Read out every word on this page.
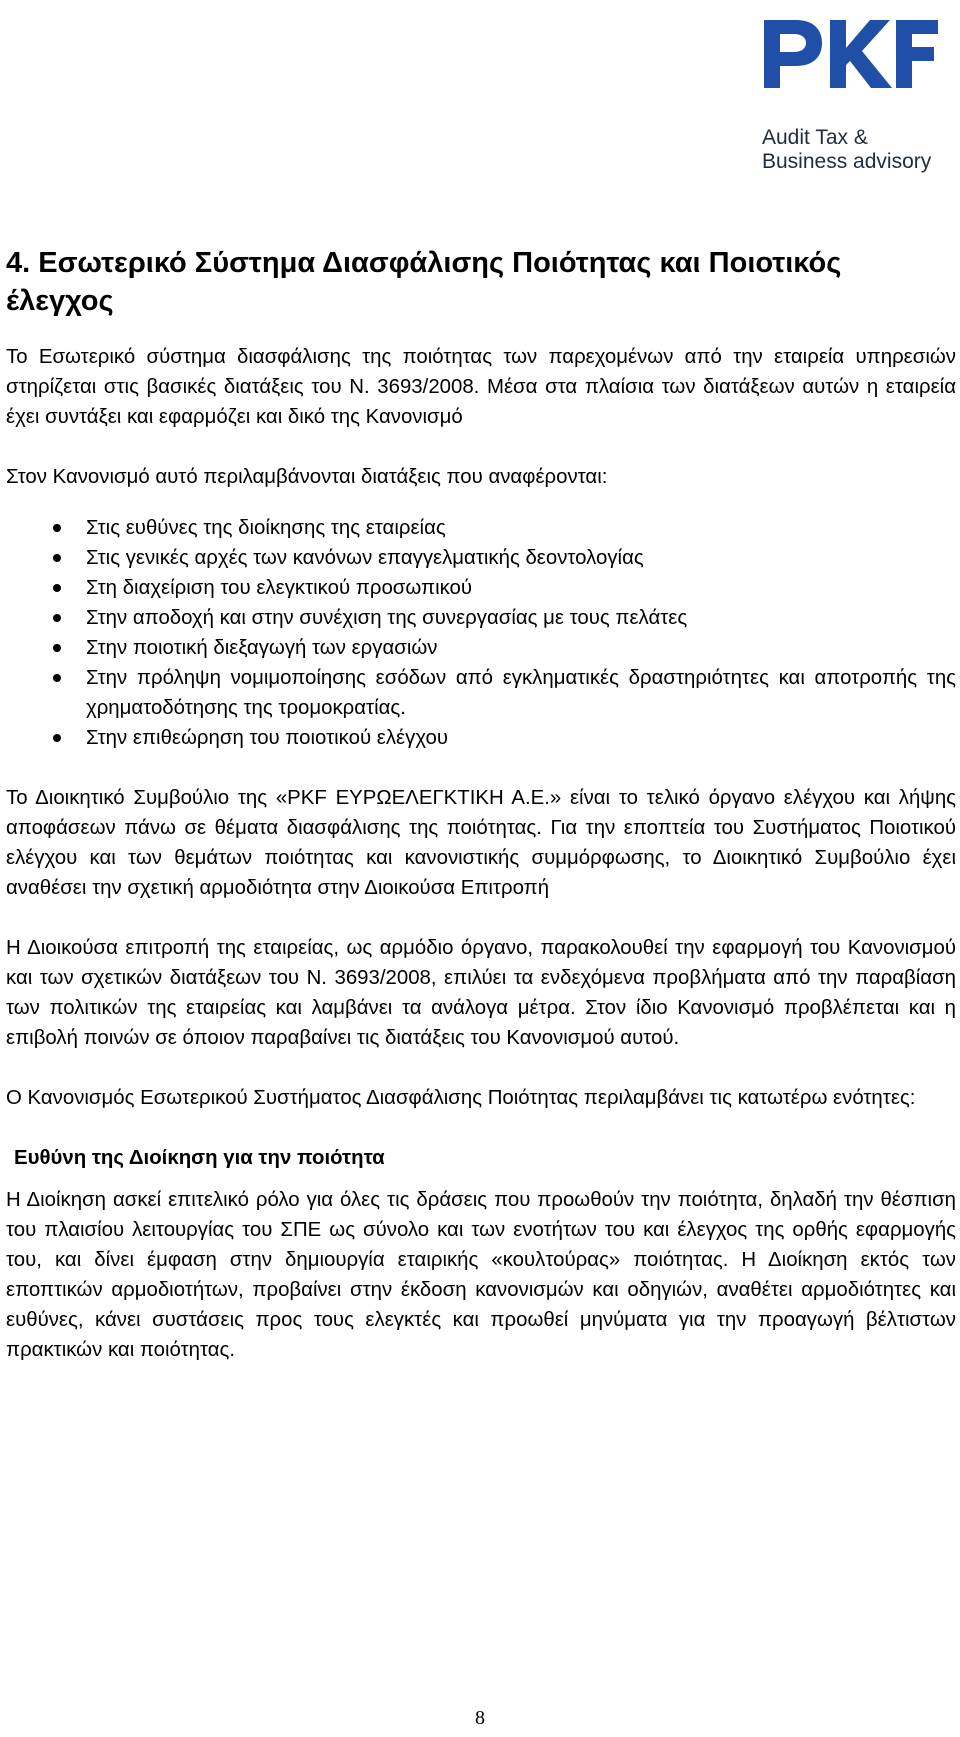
Audit Tax &
Business advisory
4. Εσωτερικό Σύστημα Διασφάλισης Ποιότητας και Ποιοτικός έλεγχος

Το Εσωτερικό σύστημα διασφάλισης της ποιότητας των παρεχομένων από την εταιρεία υπηρεσιών στηρίζεται στις βασικές διατάξεις του Ν. 3693/2008. Μέσα στα πλαίσια των διατάξεων αυτών η εταιρεία έχει συντάξει και εφαρμόζει και δικό της Κανονισμό

Στον Κανονισμό αυτό περιλαμβάνονται διατάξεις που αναφέρονται:

Στις ευθύνες της διοίκησης της εταιρείας
Στις γενικές αρχές των κανόνων επαγγελματικής δεοντολογίας
Στη διαχείριση του ελεγκτικού προσωπικού
Στην αποδοχή και στην συνέχιση της συνεργασίας με τους πελάτες
Στην ποιοτική διεξαγωγή των εργασιών
Στην πρόληψη νομιμοποίησης εσόδων από εγκληματικές δραστηριότητες και αποτροπής της χρηματοδότησης της τρομοκρατίας.
Στην επιθεώρηση του ποιοτικού ελέγχου

Το Διοικητικό Συμβούλιο της «PKF ΕΥΡΩΕΛΕΓΚΤΙΚΗ Α.Ε.» είναι το τελικό όργανο ελέγχου και λήψης αποφάσεων πάνω σε θέματα διασφάλισης της ποιότητας. Για την εποπτεία του Συστήματος Ποιοτικού ελέγχου και των θεμάτων ποιότητας και κανονιστικής συμμόρφωσης, το Διοικητικό Συμβούλιο έχει αναθέσει την σχετική αρμοδιότητα στην Διοικούσα Επιτροπή

Η Διοικούσα επιτροπή της εταιρείας, ως αρμόδιο όργανο, παρακολουθεί την εφαρμογή του Κανονισμού και των σχετικών διατάξεων του Ν. 3693/2008, επιλύει τα ενδεχόμενα προβλήματα από την παραβίαση των πολιτικών της εταιρείας και λαμβάνει τα ανάλογα μέτρα. Στον ίδιο Κανονισμό προβλέπεται και η επιβολή ποινών σε όποιον παραβαίνει τις διατάξεις του Κανονισμού αυτού.

Ο Κανονισμός Εσωτερικού Συστήματος Διασφάλισης Ποιότητας περιλαμβάνει τις κατωτέρω ενότητες:

Ευθύνη της Διοίκηση για την ποιότητα

Η Διοίκηση ασκεί επιτελικό ρόλο για όλες τις δράσεις που προωθούν την ποιότητα, δηλαδή την θέσπιση του πλαισίου λειτουργίας του ΣΠΕ ως σύνολο και των ενοτήτων του και έλεγχος της ορθής εφαρμογής του, και δίνει έμφαση στην δημιουργία εταιρικής «κουλτούρας» ποιότητας. Η Διοίκηση εκτός των εποπτικών αρμοδιοτήτων, προβαίνει στην έκδοση κανονισμών και οδηγιών, αναθέτει αρμοδιότητες και ευθύνες, κάνει συστάσεις προς τους ελεγκτές και προωθεί μηνύματα για την προαγωγή βέλτιστων πρακτικών και ποιότητας.

8
